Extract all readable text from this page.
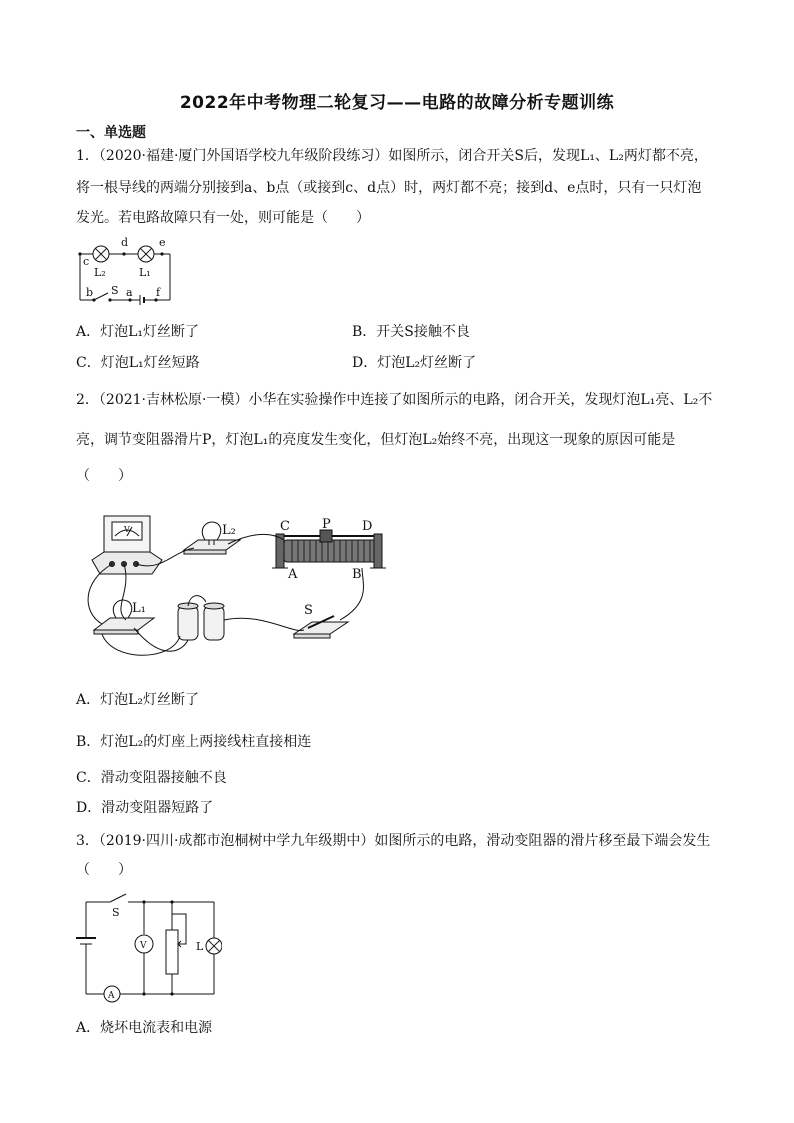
2022年中考物理二轮复习——电路的故障分析专题训练
一、单选题
1．（2020·福建·厦门外国语学校九年级阶段练习）如图所示，闭合开关S后，发现L₁、L₂两灯都不亮，
将一根导线的两端分别接到a、b点（或接到c、d点）时，两灯都不亮；接到d、e点时，只有一只灯泡
发光。若电路故障只有一处，则可能是（　　）
c
d	e
L₂	L₁
b S a f
A．灯泡L₁灯丝断了	B．开关S接触不良
C．灯泡L₁灯丝短路	D．灯泡L₂灯丝断了
2．（2021·吉林松原·一模）小华在实验操作中连接了如图所示的电路，闭合开关，发现灯泡L₁亮、L₂不
亮，调节变阻器滑片P，灯泡L₁的亮度发生变化，但灯泡L₂始终不亮，出现这一现象的原因可能是
（　　）
V	L₂	C P D
A	B
L₁	S
A．灯泡L₂灯丝断了
B．灯泡L₂的灯座上两接线柱直接相连
C．滑动变阻器接触不良
D．滑动变阻器短路了
3．（2019·四川·成都市泡桐树中学九年级期中）如图所示的电路，滑动变阻器的滑片移至最下端会发生
（　　）
S
V	L
A
A．烧坏电流表和电源
